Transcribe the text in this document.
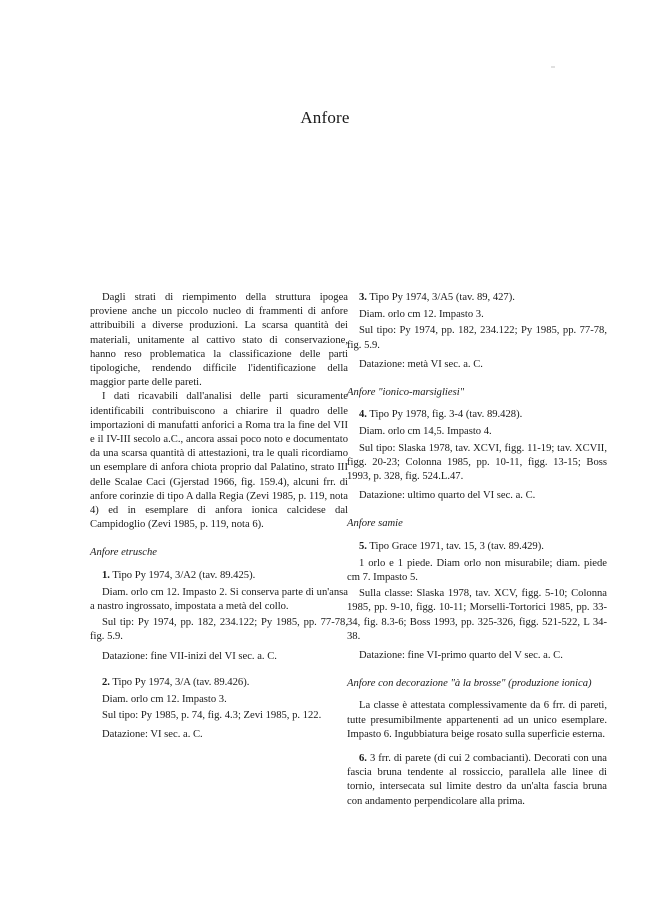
Anfore

Dagli strati di riempimento della struttura ipogea proviene anche un piccolo nucleo di frammenti di anfore attribuibili a diverse produzioni. La scarsa quantità dei materiali, unitamente al cattivo stato di conservazione, hanno reso problematica la classificazione delle parti tipologiche, rendendo difficile l'identificazione della maggior parte delle pareti.

I dati ricavabili dall'analisi delle parti sicuramente identificabili contribuiscono a chiarire il quadro delle importazioni di manufatti anforici a Roma tra la fine del VII e il IV-III secolo a.C., ancora assai poco noto e documentato da una scarsa quantità di attestazioni, tra le quali ricordiamo un esemplare di anfora chiota proprio dal Palatino, strato III delle Scalae Caci (Gjerstad 1966, fig. 159.4), alcuni frr. di anfore corinzie di tipo A dalla Regia (Zevi 1985, p. 119, nota 4) ed in esemplare di anfora ionica calcidese dal Campidoglio (Zevi 1985, p. 119, nota 6).

Anfore etrusche

1. Tipo Py 1974, 3/A2 (tav. 89.425).

Diam. orlo cm 12. Impasto 2. Si conserva parte di un'ansa a nastro ingrossato, impostata a metà del collo.

Sul tip: Py 1974, pp. 182, 234.122; Py 1985, pp. 77-78, fig. 5.9.

Datazione: fine VII-inizi del VI sec. a. C.

2. Tipo Py 1974, 3/A (tav. 89.426).

Diam. orlo cm 12. Impasto 3.

Sul tipo: Py 1985, p. 74, fig. 4.3; Zevi 1985, p. 122.

Datazione: VI sec. a. C.

3. Tipo Py 1974, 3/A5 (tav. 89, 427).

Diam. orlo cm 12. Impasto 3.

Sul tipo: Py 1974, pp. 182, 234.122; Py 1985, pp. 77-78, fig. 5.9.

Datazione: metà VI sec. a. C.

Anfore "ionico-marsigliesi"

4. Tipo Py 1978, fig. 3-4 (tav. 89.428).

Diam. orlo cm 14,5. Impasto 4.

Sul tipo: Slaska 1978, tav. XCVI, figg. 11-19; tav. XCVII, figg. 20-23; Colonna 1985, pp. 10-11, figg. 13-15; Boss 1993, p. 328, fig. 524.L.47.

Datazione: ultimo quarto del VI sec. a. C.

Anfore samie

5. Tipo Grace 1971, tav. 15, 3 (tav. 89.429).

1 orlo e 1 piede. Diam orlo non misurabile; diam. piede cm 7. Impasto 5.

Sulla classe: Slaska 1978, tav. XCV, figg. 5-10; Colonna 1985, pp. 9-10, figg. 10-11; Morselli-Tortorici 1985, pp. 33-34, fig. 8.3-6; Boss 1993, pp. 325-326, figg. 521-522, L 34-38.

Datazione: fine VI-primo quarto del V sec. a. C.

Anfore con decorazione "à la brosse" (produzione ionica)

La classe è attestata complessivamente da 6 frr. di pareti, tutte presumibilmente appartenenti ad un unico esemplare. Impasto 6. Ingubbiatura beige rosato sulla superficie esterna.

6. 3 frr. di parete (di cui 2 combacianti). Decorati con una fascia bruna tendente al rossiccio, parallela alle linee di tornio, intersecata sul limite destro da un'alta fascia bruna con andamento perpendicolare alla prima.
